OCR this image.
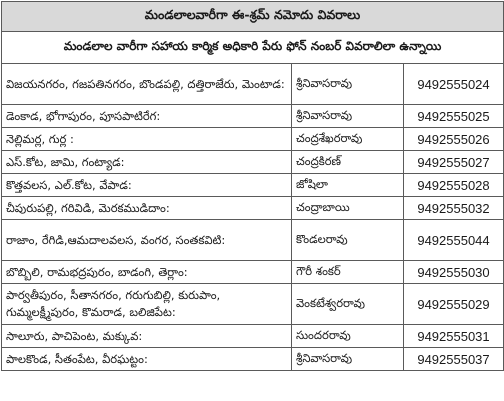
మండలాలవారీగా ఈ-శ్రమ్ నమోదు వివరాలు		
మండలాల వారీగా సహాయ కార్మిక అధికారి పేరు ఫోన్ నంబర్ వివరాలిలా ఉన్నాయి		
విజయనగరం, గజపతినగరం, బొండపల్లి, దత్తిరాజేరు, మెంటాడ:	శ్రీనివాసరావు	9492555024
డెంకాడ, భోగాపురం, పూసపాటిరేగ:	శ్రీనివాసరావు	9492555025
నెల్లిమర్ల, గుర్ల :	చంద్రశేఖరరావు	9492555026
ఎస్.కోట, జామి, గంట్యాడ:	చంద్రకిరణ్	9492555027
కొత్తవలస, ఎల్.కోట, వేపాడ:	జోషిలా	9492555028
చీపురుపల్లి, గరివిడి, మెరకముడిదాం:	చంద్రాబాయి	9492555032
రాజాం, రేగిడి,ఆమదాలవలస, వంగర, సంతకవిటి:	కొండలరావు	9492555044
బొబ్బిలి, రామభద్రపురం, బాడంగి, తెర్లాం:	గౌరీ శంకర్	9492555030
పార్వతీపురం, సీతానగరం, గరుగుబిల్లి, కురుపాం, గుమ్మలక్ష్మీపురం, కొమరాడ, బలిజిపేట:	వెంకటేశ్వరరావు	9492555029
సాలూరు, పాచిపెంట, మక్కువ:	సుందరరావు	9492555031
పాలకొండ, సీతంపేట, వీరఘట్టం:	శ్రీనివాసరావు	9492555037
